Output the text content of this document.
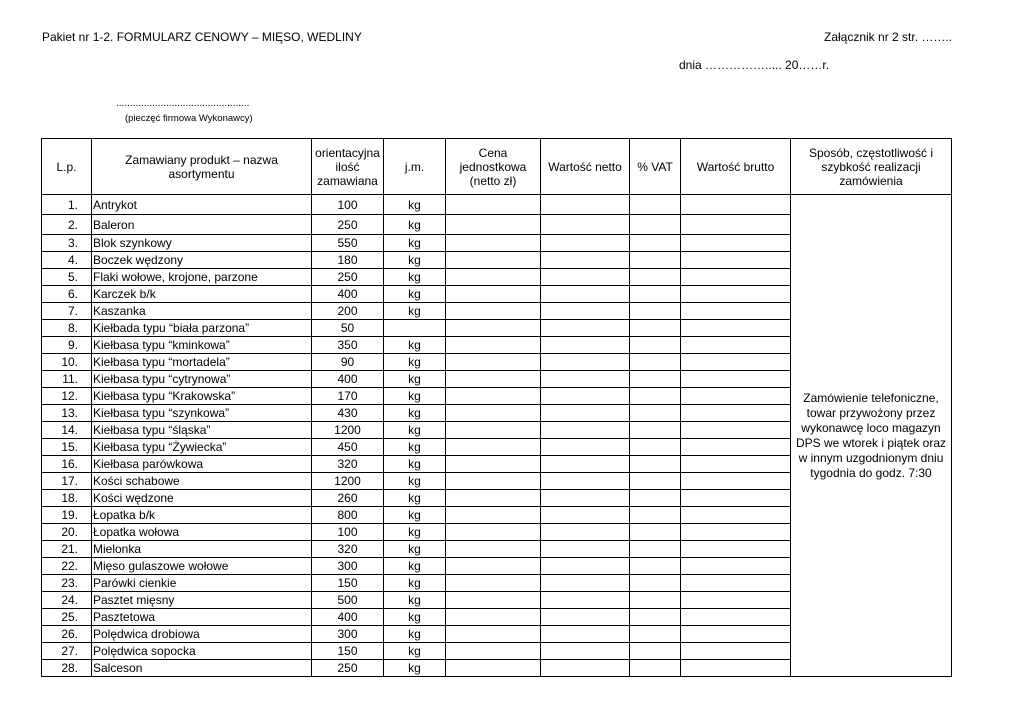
Pakiet nr 1-2. FORMULARZ CENOWY – MIĘSO, WEDLINY	Załącznik nr 2 str. ……..
dnia ……………..... 20……r.
................................................
(pieczęć firmowa Wykonawcy)
L.p.	Zamawiany produkt – nazwa asortymentu	orientacyjna ilość zamawiana	j.m.	Cena jednostkowa (netto zł)	Wartość netto	% VAT	Wartość brutto	Sposób, częstotliwość i szybkość realizacji zamówienia
1.	Antrykot	100	kg					Zamówienie telefoniczne, towar przywożony przez wykonawcę loco magazyn DPS we wtorek i piątek oraz w innym uzgodnionym dniu tygodnia do godz. 7:30
2.	Baleron	250	kg					
3.	Blok szynkowy	550	kg					
4.	Boczek wędzony	180	kg					
5.	Flaki wołowe, krojone, parzone	250	kg					
6.	Karczek b/k	400	kg					
7.	Kaszanka	200	kg					
8.	Kiełbada typu “biała parzona”	50						
9.	Kiełbasa typu “kminkowa”	350	kg					
10.	Kiełbasa typu “mortadela”	90	kg					
11.	Kiełbasa typu “cytrynowa”	400	kg					
12.	Kiełbasa typu “Krakowska”	170	kg					
13.	Kiełbasa typu “szynkowa”	430	kg					
14.	Kiełbasa typu “śląska”	1200	kg					
15.	Kiełbasa typu “Żywiecka”	450	kg					
16.	Kiełbasa parówkowa	320	kg					
17.	Kości schabowe	1200	kg					
18.	Kości wędzone	260	kg					
19.	Łopatka b/k	800	kg					
20.	Łopatka wołowa	100	kg					
21.	Mielonka	320	kg					
22.	Mięso gulaszowe wołowe	300	kg					
23.	Parówki cienkie	150	kg					
24.	Pasztet mięsny	500	kg					
25.	Pasztetowa	400	kg					
26.	Polędwica drobiowa	300	kg					
27.	Polędwica sopocka	150	kg					
28.	Salceson	250	kg					
